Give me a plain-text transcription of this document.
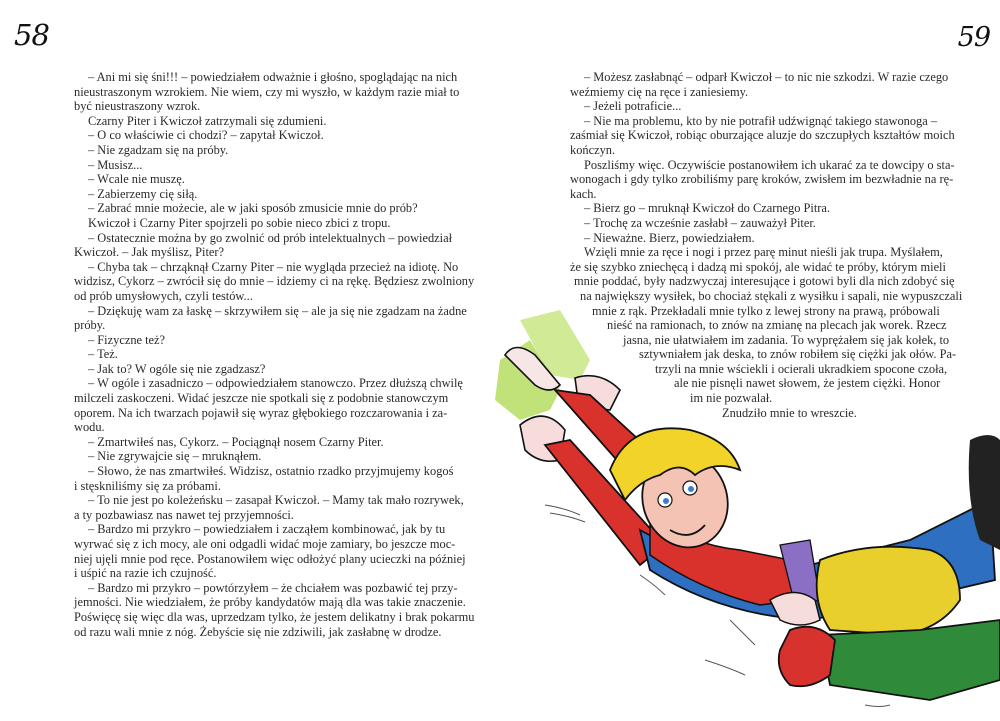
58
– Ani mi się śni!!! – powiedziałem odważnie i głośno, spoglądając na nich
nieustraszonym wzrokiem. Nie wiem, czy mi wyszło, w każdym razie miał to
być nieustraszony wzrok.
Czarny Piter i Kwiczoł zatrzymali się zdumieni.
– O co właściwie ci chodzi? – zapytał Kwiczoł.
– Nie zgadzam się na próby.
– Musisz...
– Wcale nie muszę.
– Zabierzemy cię siłą.
– Zabrać mnie możecie, ale w jaki sposób zmusicie mnie do prób?
Kwiczoł i Czarny Piter spojrzeli po sobie nieco zbici z tropu.
– Ostatecznie można by go zwolnić od prób intelektualnych – powiedział
Kwiczoł. – Jak myślisz, Piter?
– Chyba tak – chrząknął Czarny Piter – nie wygląda przecież na idiotę. No
widzisz, Cykorz – zwrócił się do mnie – idziemy ci na rękę. Będziesz zwolniony
od prób umysłowych, czyli testów...
– Dziękuję wam za łaskę – skrzywiłem się – ale ja się nie zgadzam na żadne
próby.
– Fizyczne też?
– Też.
– Jak to? W ogóle się nie zgadzasz?
– W ogóle i zasadniczo – odpowiedziałem stanowczo. Przez dłuższą chwilę
milczeli zaskoczeni. Widać jeszcze nie spotkali się z podobnie stanowczym
oporem. Na ich twarzach pojawił się wyraz głębokiego rozczarowania i za-
wodu.
– Zmartwiłeś nas, Cykorz. – Pociągnął nosem Czarny Piter.
– Nie zgrywajcie się – mruknąłem.
– Słowo, że nas zmartwiłeś. Widzisz, ostatnio rzadko przyjmujemy kogoś
i stęskniliśmy się za próbami.
– To nie jest po koleżeńsku – zasapał Kwiczoł. – Mamy tak mało rozrywek,
a ty pozbawiasz nas nawet tej przyjemności.
– Bardzo mi przykro – powiedziałem i zacząłem kombinować, jak by tu
wyrwać się z ich mocy, ale oni odgadli widać moje zamiary, bo jeszcze moc-
niej ujęli mnie pod ręce. Postanowiłem więc odłożyć plany ucieczki na później
i uśpić na razie ich czujność.
– Bardzo mi przykro – powtórzyłem – że chciałem was pozbawić tej przy-
jemności. Nie wiedziałem, że próby kandydatów mają dla was takie znaczenie.
Poświęcę się więc dla was, uprzedzam tylko, że jestem delikatny i brak pokarmu
od razu wali mnie z nóg. Żebyście się nie zdziwili, jak zasłabnę w drodze.
59
– Możesz zasłabnąć – odparł Kwiczoł – to nic nie szkodzi. W razie czego
weźmiemy cię na ręce i zaniesiemy.
– Jeżeli potraficie...
– Nie ma problemu, kto by nie potrafił udźwignąć takiego stawonoga –
zaśmiał się Kwiczoł, robiąc oburzające aluzje do szczupłych kształtów moich
kończyn.
Poszliśmy więc. Oczywiście postanowiłem ich ukarać za te dowcipy o sta-
wonogach i gdy tylko zrobiliśmy parę kroków, zwisłem im bezwładnie na rę-
kach.
– Bierz go – mruknął Kwiczoł do Czarnego Pitra.
– Trochę za wcześnie zasłabł – zauważył Piter.
– Nieważne. Bierz, powiedziałem.
Wzięli mnie za ręce i nogi i przez parę minut nieśli jak trupa. Myślałem,
że się szybko zniechęcą i dadzą mi spokój, ale widać te próby, którym mieli
mnie poddać, były nadzwyczaj interesujące i gotowi byli dla nich zdobyć się
na największy wysiłek, bo chociaż stękali z wysiłku i sapali, nie wypuszczali
mnie z rąk. Przekładali mnie tylko z lewej strony na prawą, próbowali
nieść na ramionach, to znów na zmianę na plecach jak worek. Rzecz
jasna, nie ułatwiałem im zadania. To wyprężałem się jak kołek, to
sztywniałem jak deska, to znów robiłem się ciężki jak ołów. Pa-
trzyli na mnie wściekli i ocierali ukradkiem spocone czoła,
ale nie pisnęli nawet słowem, że jestem ciężki. Honor
im nie pozwalał.
Znudziło mnie to wreszcie.
